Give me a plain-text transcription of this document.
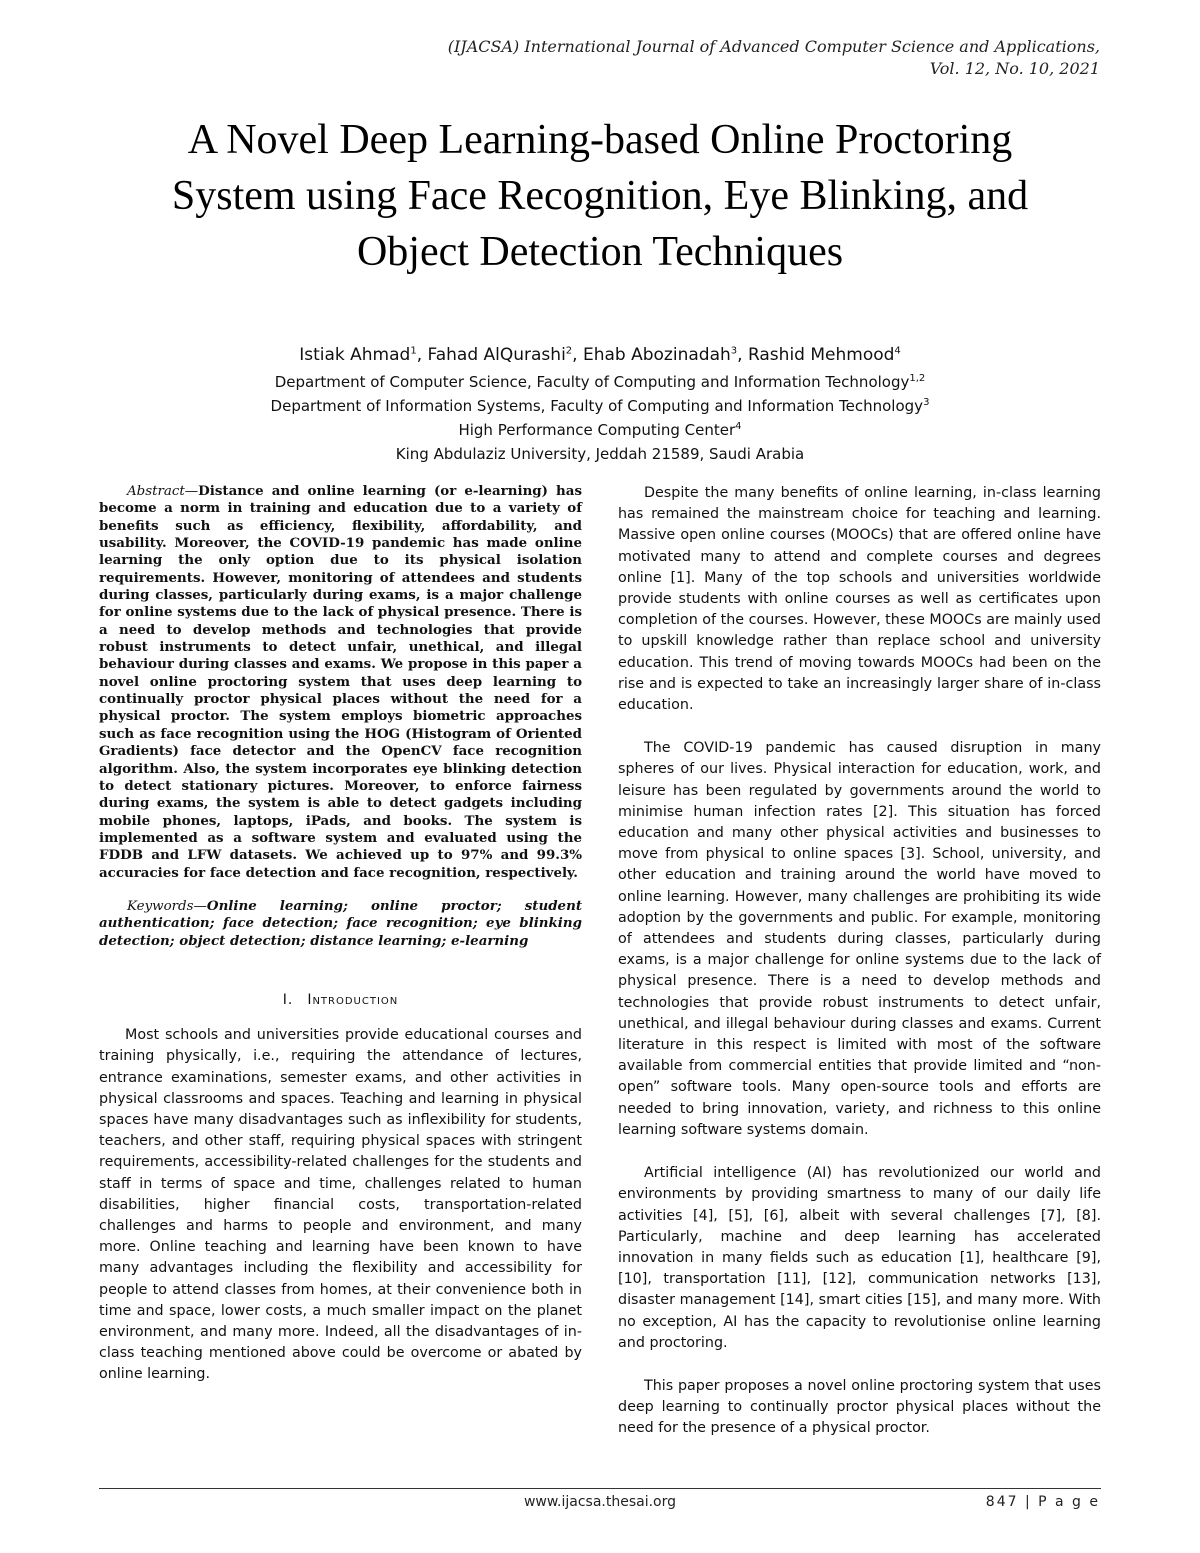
(IJACSA) International Journal of Advanced Computer Science and Applications,
Vol. 12, No. 10, 2021
A Novel Deep Learning-based Online Proctoring
System using Face Recognition, Eye Blinking, and
Object Detection Techniques
Istiak Ahmad$^1$, Fahad AlQurashi$^2$, Ehab Abozinadah$^3$, Rashid Mehmood$^4$
Department of Computer Science, Faculty of Computing and Information Technology$^{1,2}$
Department of Information Systems, Faculty of Computing and Information Technology$^3$
High Performance Computing Center$^4$
King Abdulaziz University, Jeddah 21589, Saudi Arabia

Abstract—Distance and online learning (or e-learning) has become a norm in training and education due to a variety of benefits such as efficiency, flexibility, affordability, and usability. Moreover, the COVID-19 pandemic has made online learning the only option due to its physical isolation requirements. However, monitoring of attendees and students during classes, particularly during exams, is a major challenge for online systems due to the lack of physical presence. There is a need to develop methods and technologies that provide robust instruments to detect unfair, unethical, and illegal behaviour during classes and exams. We propose in this paper a novel online proctoring system that uses deep learning to continually proctor physical places without the need for a physical proctor. The system employs biometric approaches such as face recognition using the HOG (Histogram of Oriented Gradients) face detector and the OpenCV face recognition algorithm. Also, the system incorporates eye blinking detection to detect stationary pictures. Moreover, to enforce fairness during exams, the system is able to detect gadgets including mobile phones, laptops, iPads, and books. The system is implemented as a software system and evaluated using the FDDB and LFW datasets. We achieved up to 97% and 99.3% accuracies for face detection and face recognition, respectively.

Keywords—Online learning; online proctor; student authentication; face detection; face recognition; eye blinking detection; object detection; distance learning; e-learning

I. Introduction

Most schools and universities provide educational courses and training physically, i.e., requiring the attendance of lectures, entrance examinations, semester exams, and other activities in physical classrooms and spaces. Teaching and learning in physical spaces have many disadvantages such as inflexibility for students, teachers, and other staff, requiring physical spaces with stringent requirements, accessibility-related challenges for the students and staff in terms of space and time, challenges related to human disabilities, higher financial costs, transportation-related challenges and harms to people and environment, and many more. Online teaching and learning have been known to have many advantages including the flexibility and accessibility for people to attend classes from homes, at their convenience both in time and space, lower costs, a much smaller impact on the planet environment, and many more. Indeed, all the disadvantages of in-class teaching mentioned above could be overcome or abated by online learning.

Despite the many benefits of online learning, in-class learning has remained the mainstream choice for teaching and learning. Massive open online courses (MOOCs) that are offered online have motivated many to attend and complete courses and degrees online [1]. Many of the top schools and universities worldwide provide students with online courses as well as certificates upon completion of the courses. However, these MOOCs are mainly used to upskill knowledge rather than replace school and university education. This trend of moving towards MOOCs had been on the rise and is expected to take an increasingly larger share of in-class education.

The COVID-19 pandemic has caused disruption in many spheres of our lives. Physical interaction for education, work, and leisure has been regulated by governments around the world to minimise human infection rates [2]. This situation has forced education and many other physical activities and businesses to move from physical to online spaces [3]. School, university, and other education and training around the world have moved to online learning. However, many challenges are prohibiting its wide adoption by the governments and public. For example, monitoring of attendees and students during classes, particularly during exams, is a major challenge for online systems due to the lack of physical presence. There is a need to develop methods and technologies that provide robust instruments to detect unfair, unethical, and illegal behaviour during classes and exams. Current literature in this respect is limited with most of the software available from commercial entities that provide limited and “non-open” software tools. Many open-source tools and efforts are needed to bring innovation, variety, and richness to this online learning software systems domain.

Artificial intelligence (AI) has revolutionized our world and environments by providing smartness to many of our daily life activities [4], [5], [6], albeit with several challenges [7], [8]. Particularly, machine and deep learning has accelerated innovation in many fields such as education [1], healthcare [9], [10], transportation [11], [12], communication networks [13], disaster management [14], smart cities [15], and many more. With no exception, AI has the capacity to revolutionise online learning and proctoring.

This paper proposes a novel online proctoring system that uses deep learning to continually proctor physical places without the need for the presence of a physical proctor.

www.ijacsa.thesai.org	847 | P a g e
